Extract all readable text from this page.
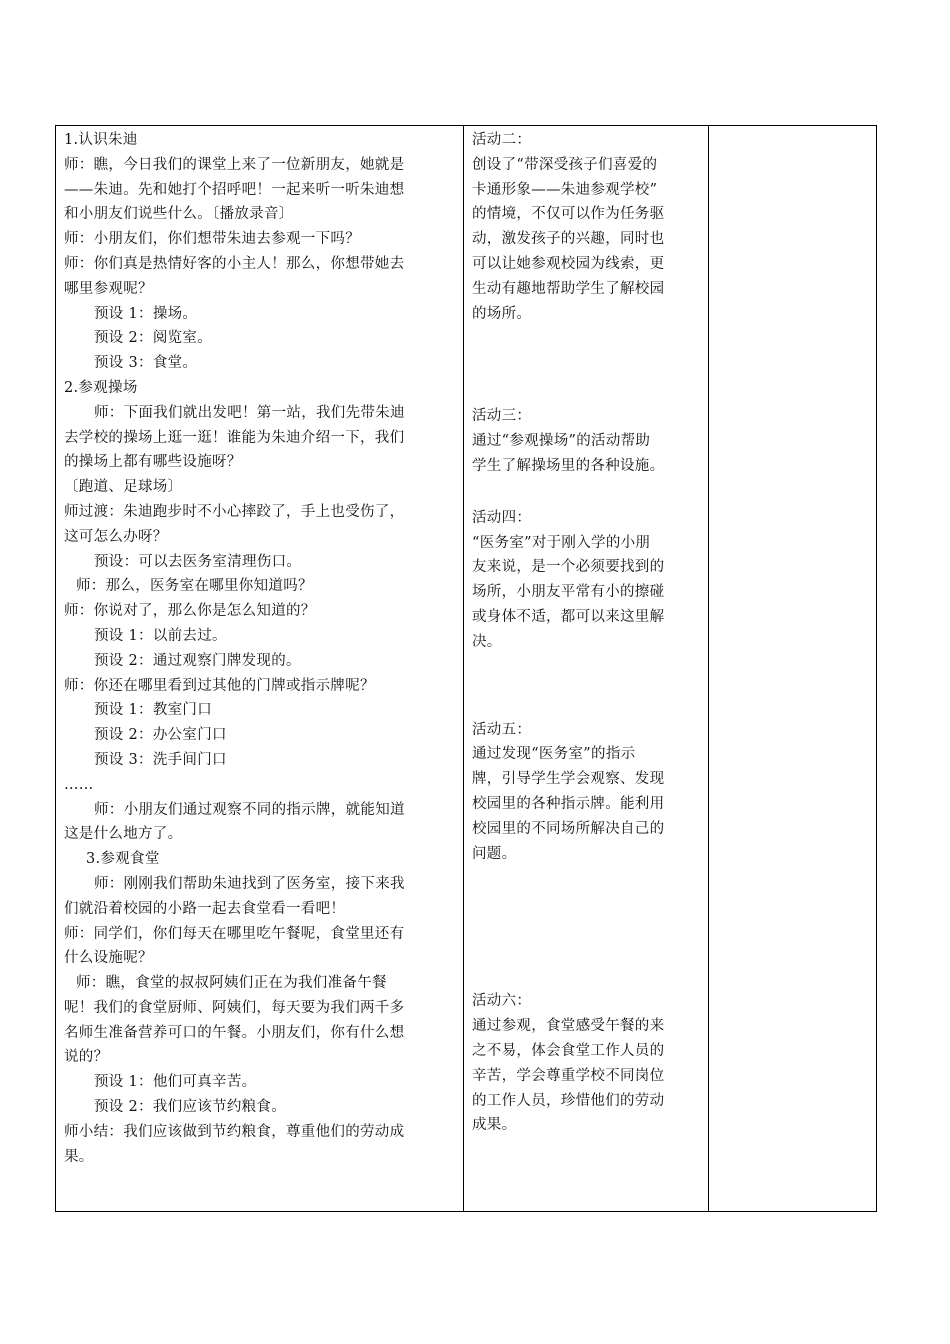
1.认识朱迪
师：瞧，今日我们的课堂上来了一位新朋友，她就是
——朱迪。先和她打个招呼吧！一起来听一听朱迪想
和小朋友们说些什么。〔播放录音〕
师：小朋友们，你们想带朱迪去参观一下吗？
师：你们真是热情好客的小主人！那么，你想带她去
哪里参观呢？
预设 1：操场。
预设 2：阅览室。
预设 3：食堂。
2.参观操场
师：下面我们就出发吧！第一站，我们先带朱迪
去学校的操场上逛一逛！谁能为朱迪介绍一下，我们
的操场上都有哪些设施呀？
〔跑道、足球场〕
师过渡：朱迪跑步时不小心摔跤了，手上也受伤了，
这可怎么办呀？
预设：可以去医务室清理伤口。
师：那么，医务室在哪里你知道吗？
师：你说对了，那么你是怎么知道的？
预设 1：以前去过。
预设 2：通过观察门牌发现的。
师：你还在哪里看到过其他的门牌或指示牌呢？
预设 1：教室门口
预设 2：办公室门口
预设 3：洗手间门口
……
师：小朋友们通过观察不同的指示牌，就能知道
这是什么地方了。
3.参观食堂
师：刚刚我们帮助朱迪找到了医务室，接下来我
们就沿着校园的小路一起去食堂看一看吧！
师：同学们，你们每天在哪里吃午餐呢，食堂里还有
什么设施呢？
师：瞧，食堂的叔叔阿姨们正在为我们准备午餐
呢！我们的食堂厨师、阿姨们，每天要为我们两千多
名师生准备营养可口的午餐。小朋友们，你有什么想
说的？
预设 1：他们可真辛苦。
预设 2：我们应该节约粮食。
师小结：我们应该做到节约粮食，尊重他们的劳动成
果。

活动二：
创设了“带深受孩子们喜爱的
卡通形象——朱迪参观学校”
的情境，不仅可以作为任务驱
动，激发孩子的兴趣，同时也
可以让她参观校园为线索，更
生动有趣地帮助学生了解校园
的场所。
活动三：
通过“参观操场”的活动帮助
学生了解操场里的各种设施。
活动四：
“医务室”对于刚入学的小朋
友来说，是一个必须要找到的
场所，小朋友平常有小的擦碰
或身体不适，都可以来这里解
决。
活动五：
通过发现“医务室”的指示
牌，引导学生学会观察、发现
校园里的各种指示牌。能利用
校园里的不同场所解决自己的
问题。
活动六：
通过参观，食堂感受午餐的来
之不易，体会食堂工作人员的
辛苦，学会尊重学校不同岗位
的工作人员，珍惜他们的劳动
成果。
